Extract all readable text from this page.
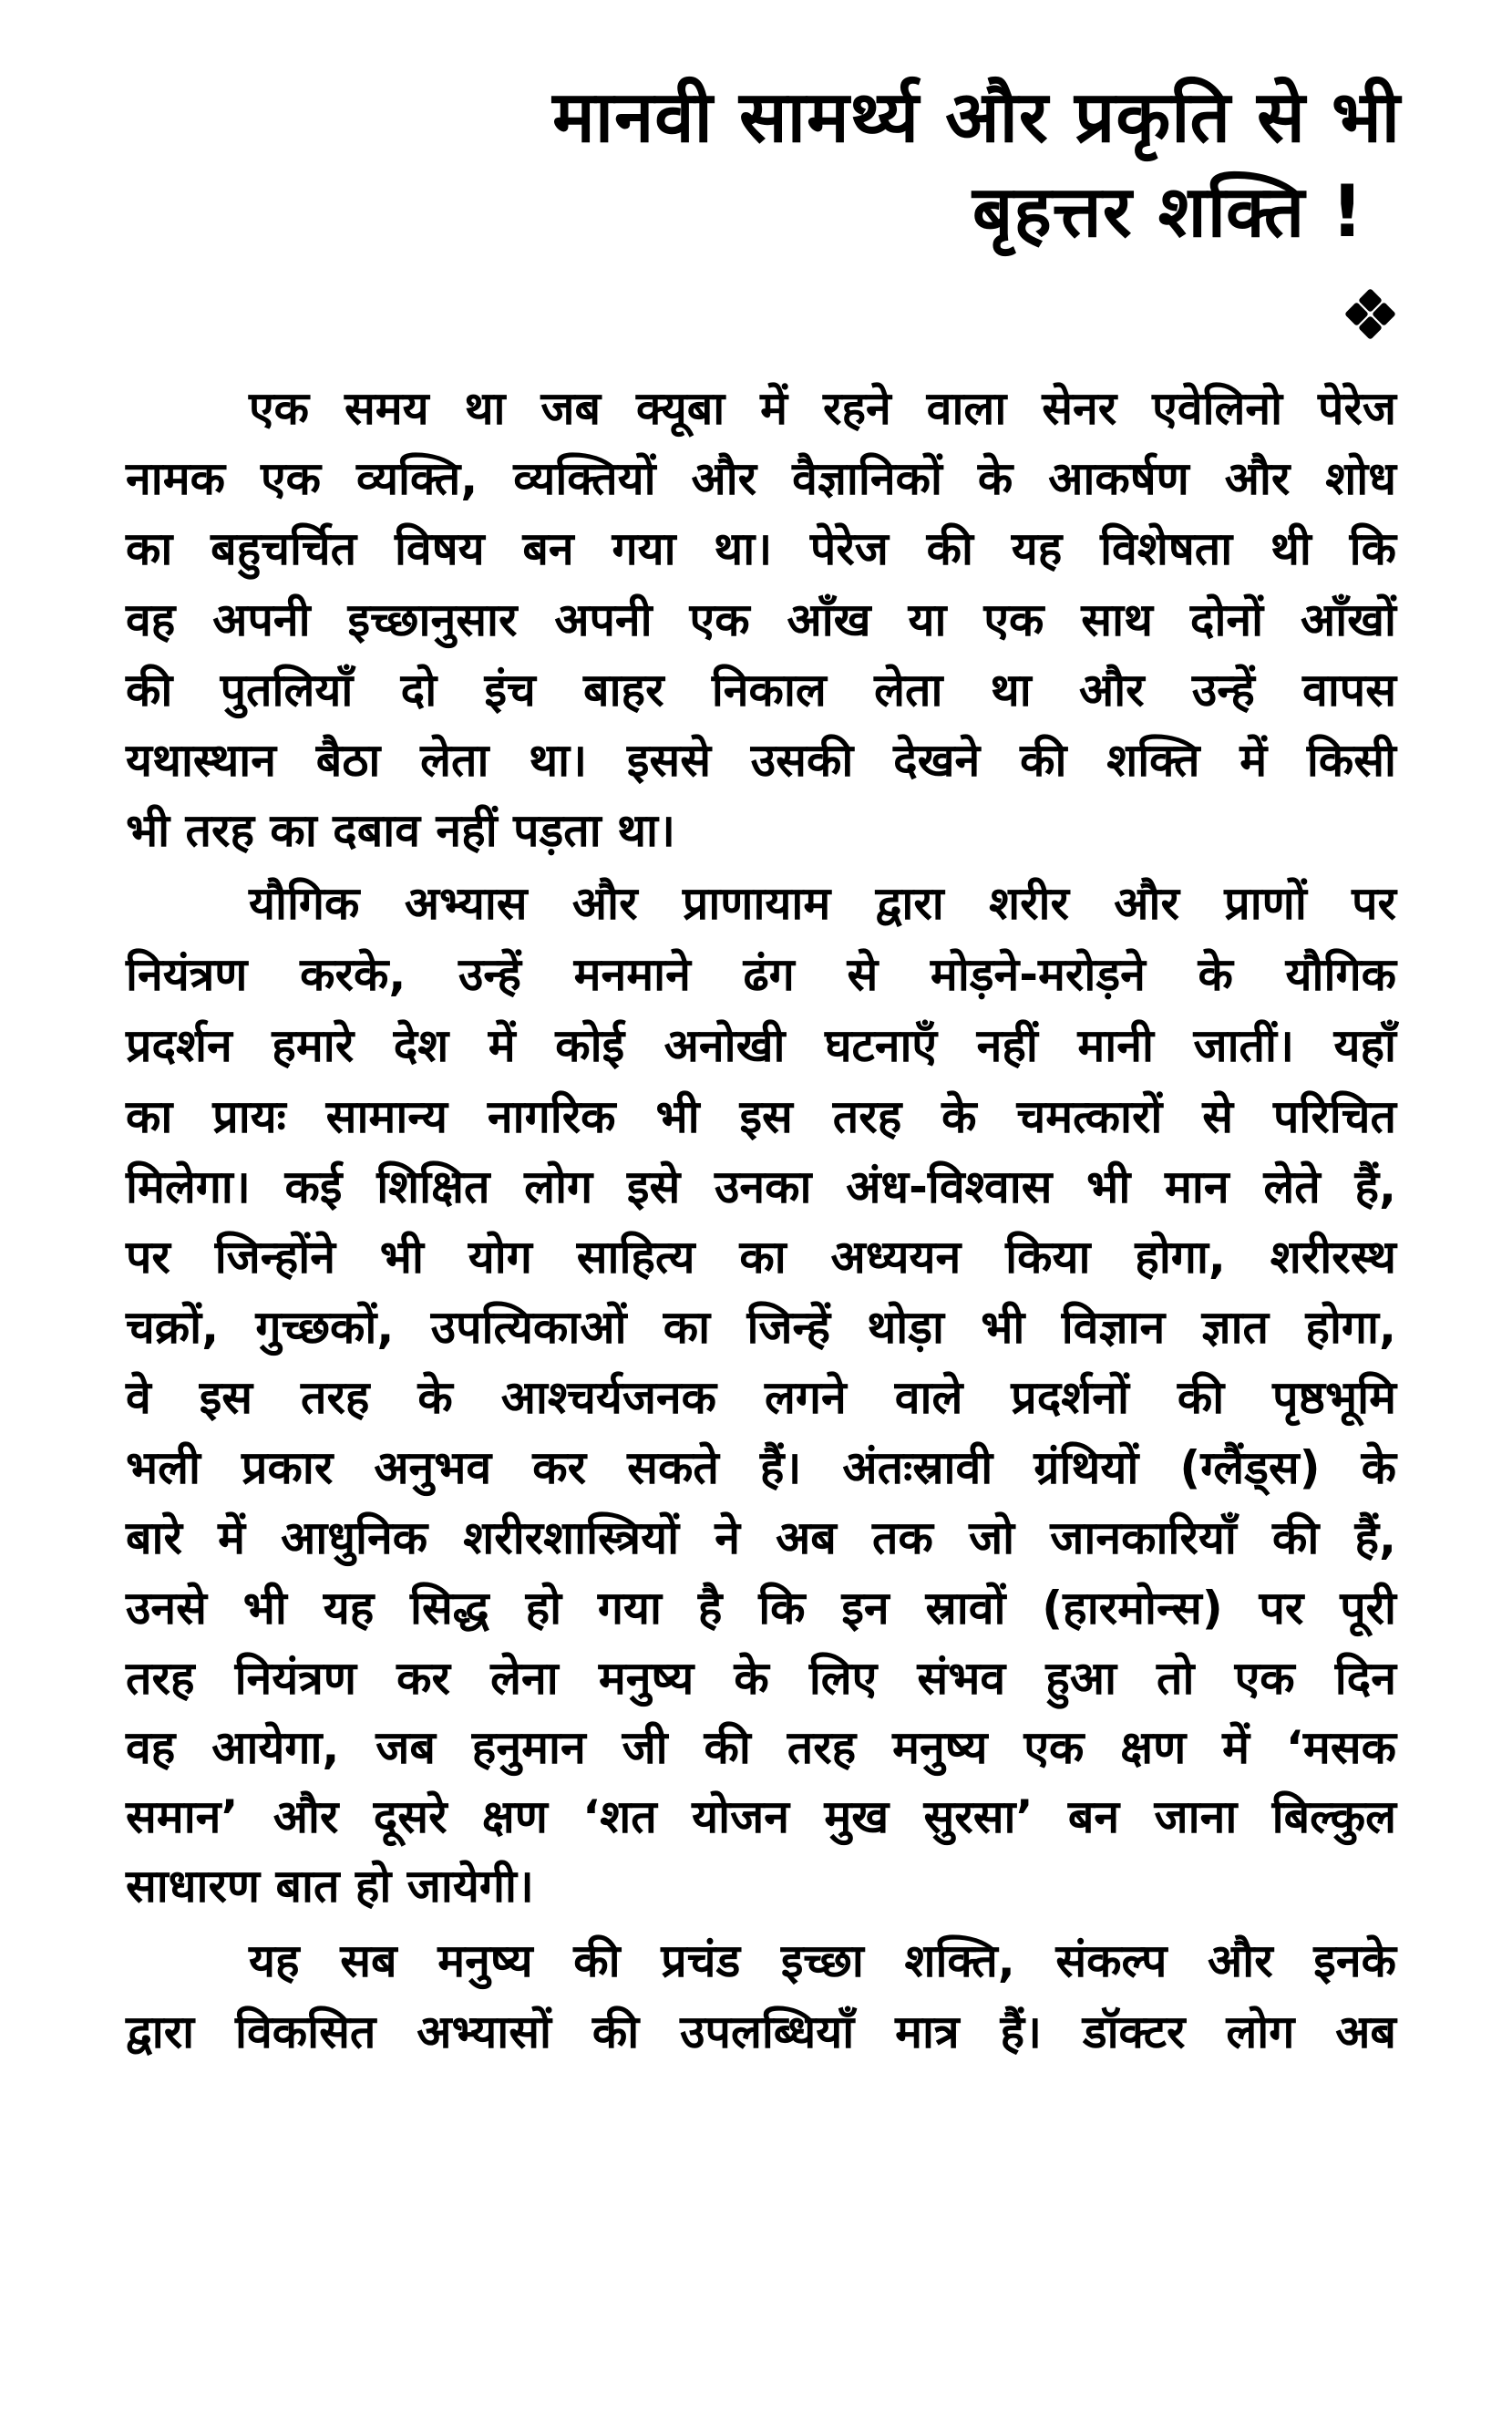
मानवी सामर्थ्य और प्रकृति से भी
बृहत्तर शक्ति !
एक समय था जब क्यूबा में रहने वाला सेनर एवेलिनो पेरेज
नामक एक व्यक्ति, व्यक्तियों और वैज्ञानिकों के आकर्षण और शोध
का बहुचर्चित विषय बन गया था। पेरेज की यह विशेषता थी कि
वह अपनी इच्छानुसार अपनी एक आँख या एक साथ दोनों आँखों
की पुतलियाँ दो इंच बाहर निकाल लेता था और उन्हें वापस
यथास्थान बैठा लेता था। इससे उसकी देखने की शक्ति में किसी
भी तरह का दबाव नहीं पड़ता था।
यौगिक अभ्यास और प्राणायाम द्वारा शरीर और प्राणों पर
नियंत्रण करके, उन्हें मनमाने ढंग से मोड़ने-मरोड़ने के यौगिक
प्रदर्शन हमारे देश में कोई अनोखी घटनाएँ नहीं मानी जातीं। यहाँ
का प्रायः सामान्य नागरिक भी इस तरह के चमत्कारों से परिचित
मिलेगा। कई शिक्षित लोग इसे उनका अंध-विश्वास भी मान लेते हैं,
पर जिन्होंने भी योग साहित्य का अध्ययन किया होगा, शरीरस्थ
चक्रों, गुच्छकों, उपत्यिकाओं का जिन्हें थोड़ा भी विज्ञान ज्ञात होगा,
वे इस तरह के आश्चर्यजनक लगने वाले प्रदर्शनों की पृष्ठभूमि
भली प्रकार अनुभव कर सकते हैं। अंतःस्रावी ग्रंथियों (ग्लैंड्स) के
बारे में आधुनिक शरीरशास्त्रियों ने अब तक जो जानकारियाँ की हैं,
उनसे भी यह सिद्ध हो गया है कि इन स्रावों (हारमोन्स) पर पूरी
तरह नियंत्रण कर लेना मनुष्य के लिए संभव हुआ तो एक दिन
वह आयेगा, जब हनुमान जी की तरह मनुष्य एक क्षण में ‘मसक
समान’ और दूसरे क्षण ‘शत योजन मुख सुरसा’ बन जाना बिल्कुल
साधारण बात हो जायेगी।
यह सब मनुष्य की प्रचंड इच्छा शक्ति, संकल्प और इनके
द्वारा विकसित अभ्यासों की उपलब्धियाँ मात्र हैं। डॉक्टर लोग अब
